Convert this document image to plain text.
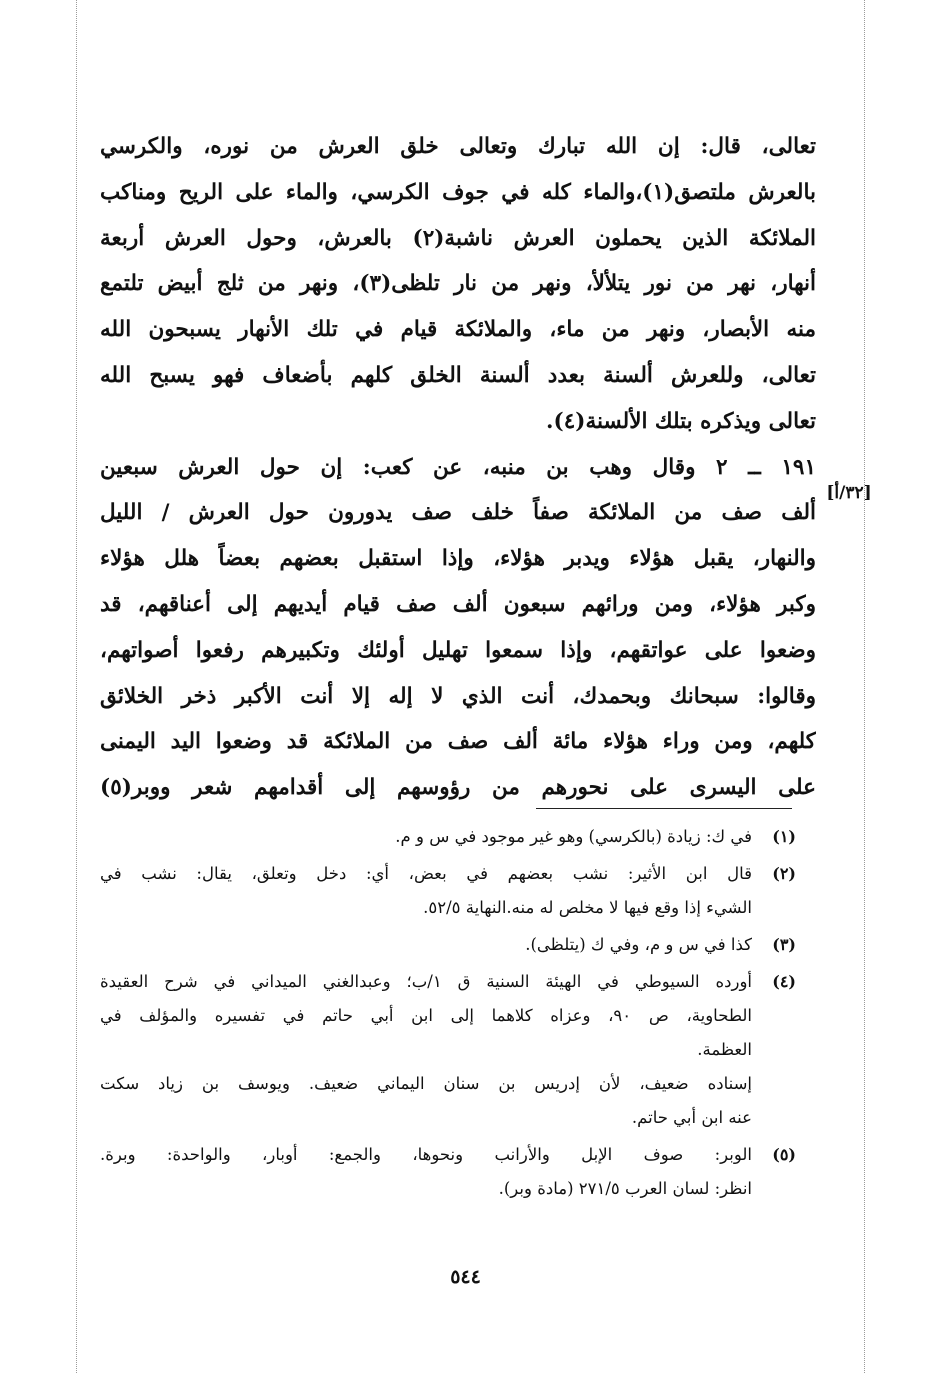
تعالى، قال: إن الله تبارك وتعالى خلق العرش من نوره، والكرسي
بالعرش ملتصق(١)،والماء كله في جوف الكرسي، والماء على الريح ومناكب
الملائكة الذين يحملون العرش ناشبة(٢) بالعرش، وحول العرش أربعة
أنهار، نهر من نور يتلألأ، ونهر من نار تلظى(٣)، ونهر من ثلج أبيض تلتمع
منه الأبصار، ونهر من ماء، والملائكة قيام في تلك الأنهار يسبحون الله
تعالى، وللعرش ألسنة بعدد ألسنة الخلق كلهم بأضعاف فهو يسبح الله
تعالى ويذكره بتلك الألسنة(٤).
١٩١ ــ ٢ وقال وهب بن منبه، عن كعب: إن حول العرش سبعين
ألف صف من الملائكة صفاً خلف صف يدورون حول العرش / الليل
والنهار، يقبل هؤلاء ويدبر هؤلاء، وإذا استقبل بعضهم بعضاً هلل هؤلاء
وكبر هؤلاء، ومن ورائهم سبعون ألف صف قيام أيديهم إلى أعناقهم، قد
وضعوا على عواتقهم، وإذا سمعوا تهليل أولئك وتكبيرهم رفعوا أصواتهم،
وقالوا: سبحانك وبحمدك، أنت الذي لا إله إلا أنت الأكبر ذخر الخلائق
كلهم، ومن وراء هؤلاء مائة ألف صف من الملائكة قد وضعوا اليد اليمنى
على اليسرى على نحورهم من رؤوسهم إلى أقدامهم شعر ووبر(٥)
[٣٢/أ]
(١)
في ك: زيادة (بالكرسي) وهو غير موجود في س و م.
(٢)
قال ابن الأثير: نشب بعضهم في بعض، أي: دخل وتعلق، يقال: نشب في
الشيء إذا وقع فيها لا مخلص له منه.النهاية ٥٢/٥.
(٣)
كذا في س و م، وفي ك (يتلظى).
(٤)
أورده السيوطي في الهيئة السنية ق ١/ب؛ وعبدالغني الميداني في شرح العقيدة
الطحاوية، ص ٩٠، وعزاه كلاهما إلى ابن أبي حاتم في تفسيره والمؤلف في
العظمة.
إسناده ضعيف، لأن إدريس بن سنان اليماني ضعيف. ويوسف بن زياد سكت
عنه ابن أبي حاتم.
(٥)
الوبر: صوف الإبل والأرانب ونحوها، والجمع: أوبار، والواحدة: وبرة.
انظر: لسان العرب ٢٧١/٥ (مادة وبر).
٥٤٤
